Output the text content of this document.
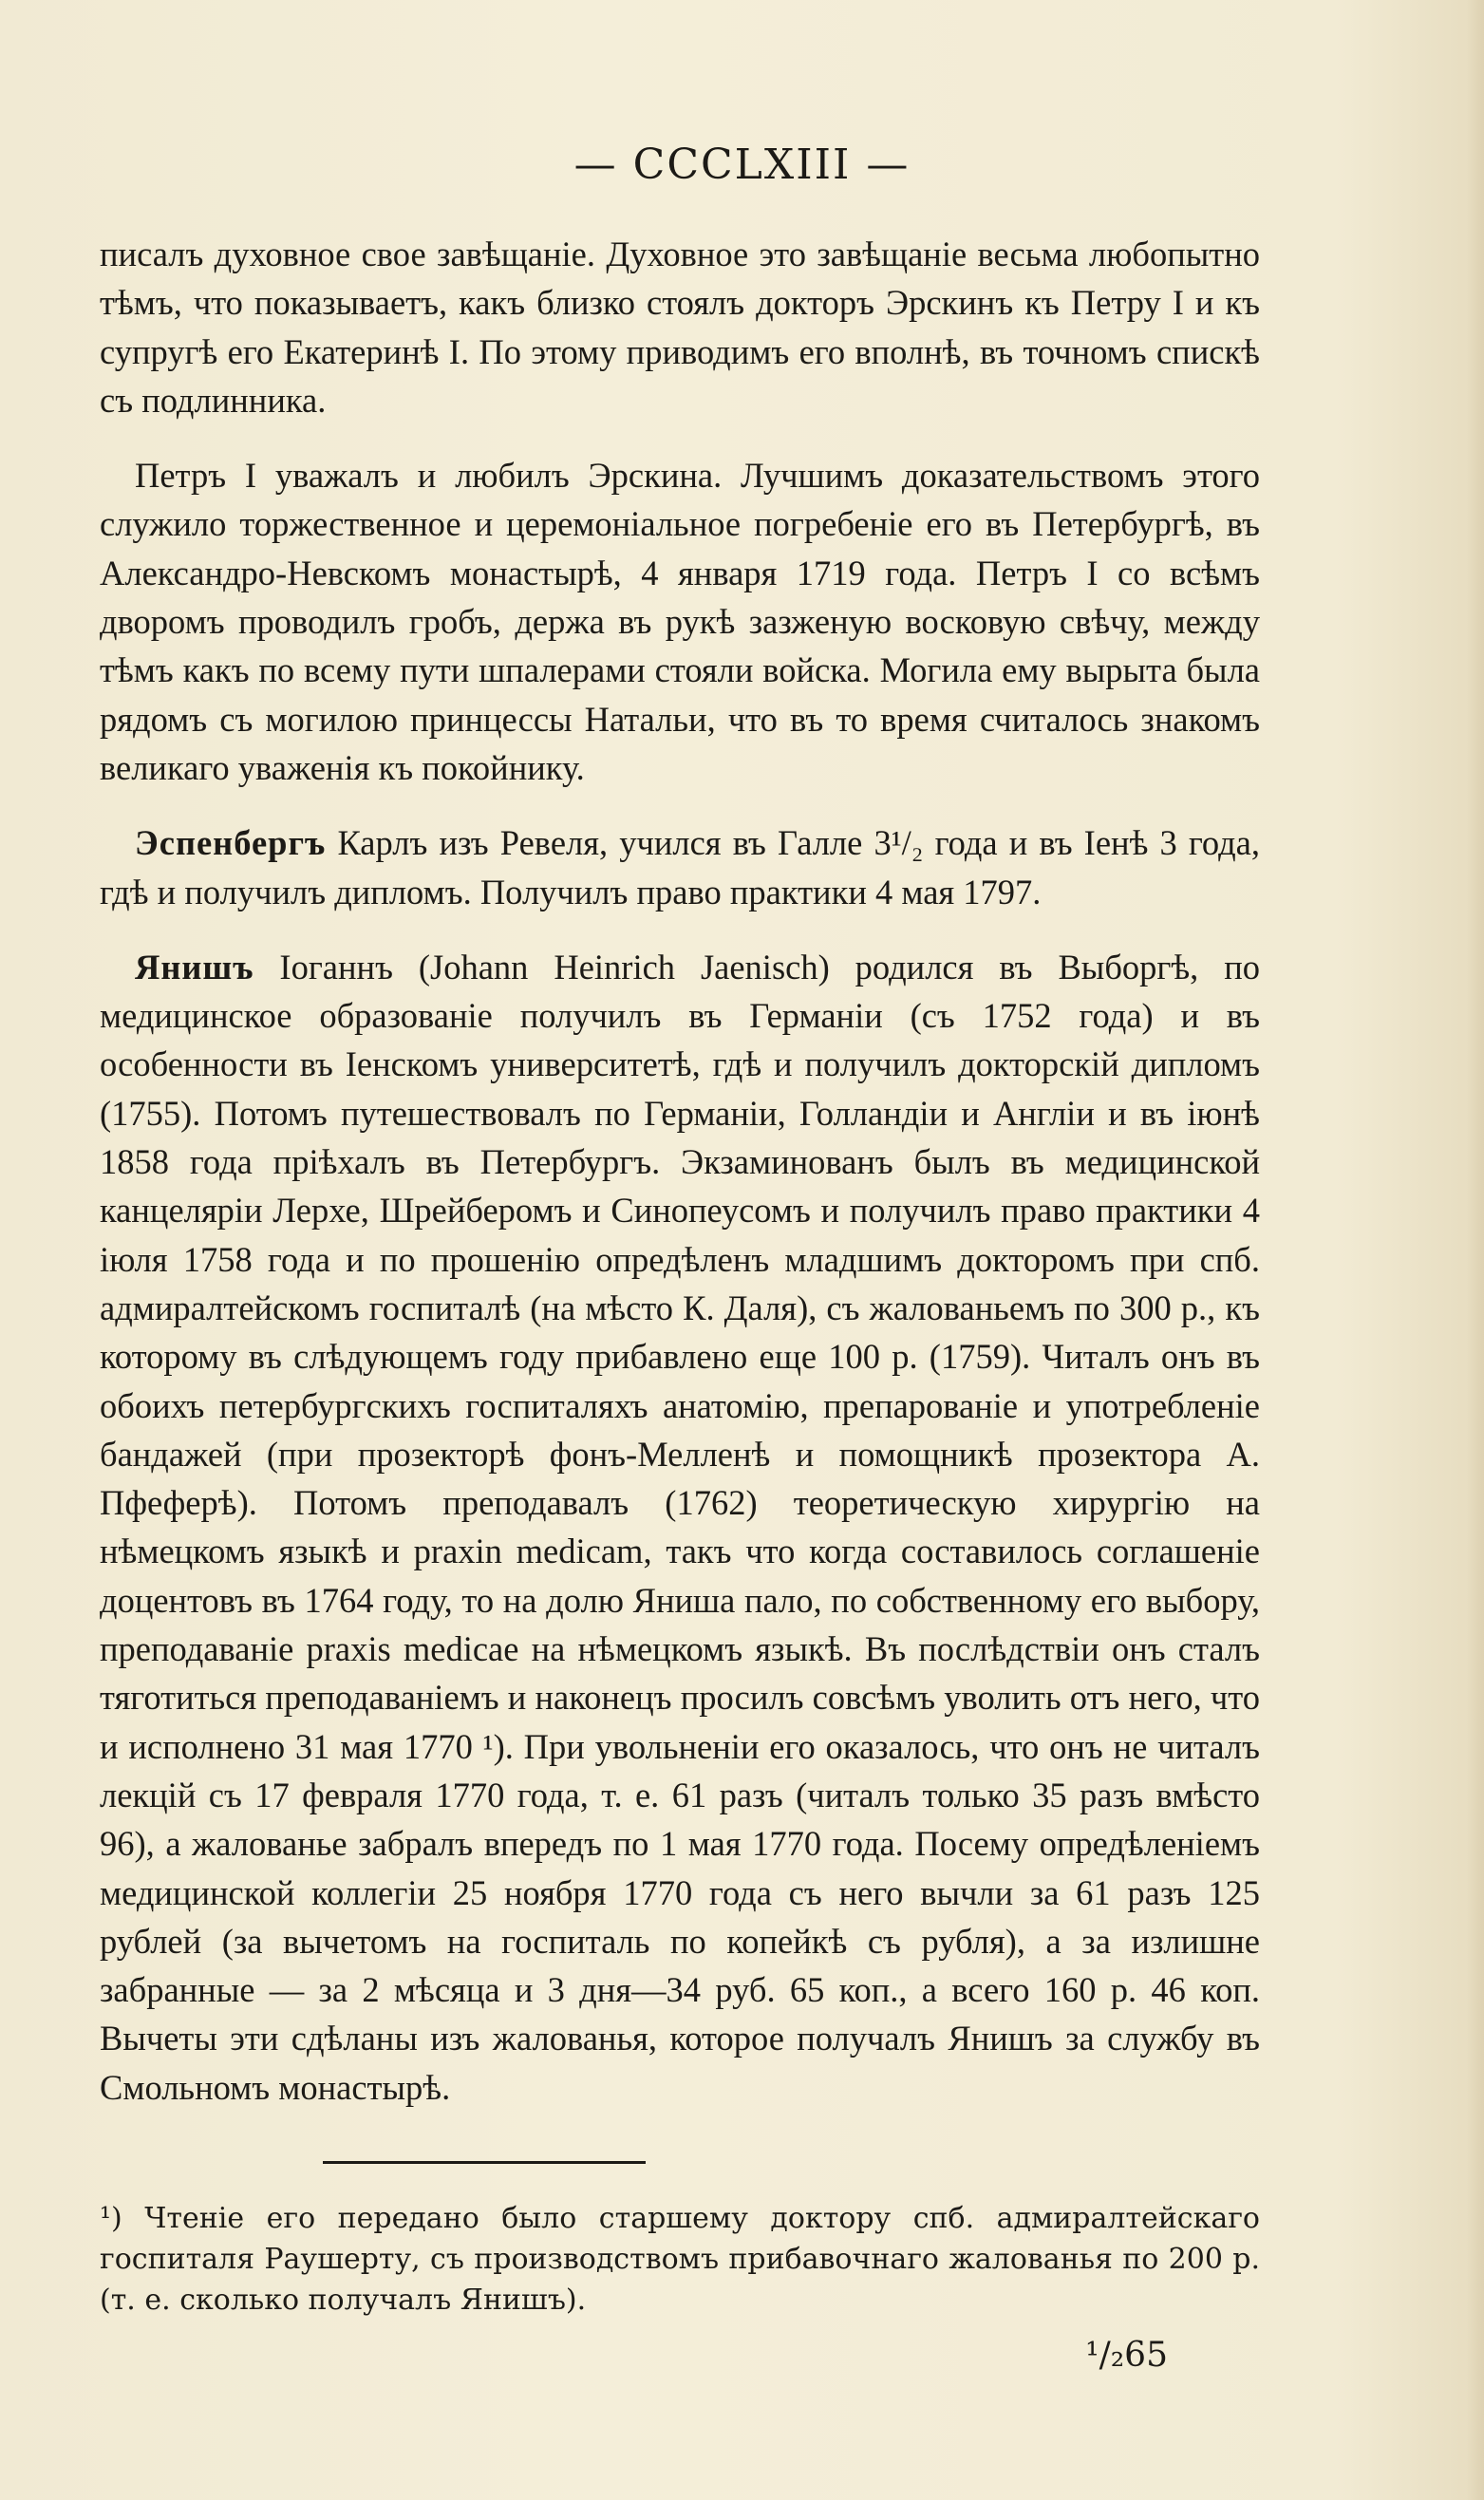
— CCCLXIII —

писалъ духовное свое завѣщаніе. Духовное это завѣщаніе весьма любопытно тѣмъ, что показываетъ, какъ близко стоялъ докторъ Эрскинъ къ Петру I и къ супругѣ его Екатеринѣ I. По этому приводимъ его вполнѣ, въ точномъ спискѣ съ подлинника.

Петръ I уважалъ и любилъ Эрскина. Лучшимъ доказательствомъ этого служило торжественное и церемоніальное погребеніе его въ Петербургѣ, въ Александро-Невскомъ монастырѣ, 4 января 1719 года. Петръ I со всѣмъ дворомъ проводилъ гробъ, держа въ рукѣ зазженую восковую свѣчу, между тѣмъ какъ по всему пути шпалерами стояли войска. Могила ему вырыта была рядомъ съ могилою принцессы Натальи, что въ то время считалось знакомъ великаго уваженія къ покойнику.

Эспенбергъ Карлъ изъ Ревеля, учился въ Галле 3¹/₂ года и въ Іенѣ 3 года, гдѣ и получилъ дипломъ. Получилъ право практики 4 мая 1797.

Янишъ Іоганнъ (Johann Heinrich Jaenisch) родился въ Выборгѣ, по медицинское образованіе получилъ въ Германіи (съ 1752 года) и въ особенности въ Іенскомъ университетѣ, гдѣ и получилъ докторскій дипломъ (1755). Потомъ путешествовалъ по Германіи, Голландіи и Англіи и въ іюнѣ 1858 года пріѣхалъ въ Петербургъ. Экзаминованъ былъ въ медицинской канцеляріи Лерхе, Шрейберомъ и Синопеусомъ и получилъ право практики 4 іюля 1758 года и по прошенію опредѣленъ младшимъ докторомъ при спб. адмиралтейскомъ госпиталѣ (на мѣсто К. Даля), съ жалованьемъ по 300 р., къ которому въ слѣдующемъ году прибавлено еще 100 р. (1759). Читалъ онъ въ обоихъ петербургскихъ госпиталяхъ анатомію, препарованіе и употребленіе бандажей (при прозекторѣ фонъ-Мелленѣ и помощникѣ прозектора А. Пфеферѣ). Потомъ преподавалъ (1762) теоретическую хирургію на нѣмецкомъ языкѣ и praxin medicam, такъ что когда составилось соглашеніе доцентовъ въ 1764 году, то на долю Яниша пало, по собственному его выбору, преподаваніе praxis medicae на нѣмецкомъ языкѣ. Въ послѣдствіи онъ сталъ тяготиться преподаваніемъ и наконецъ просилъ совсѣмъ уволить отъ него, что и исполнено 31 мая 1770 ¹). При увольненіи его оказалось, что онъ не читалъ лекцій съ 17 февраля 1770 года, т. е. 61 разъ (читалъ только 35 разъ вмѣсто 96), а жалованье забралъ впередъ по 1 мая 1770 года. Посему опредѣленіемъ медицинской коллегіи 25 ноября 1770 года съ него вычли за 61 разъ 125 рублей (за вычетомъ на госпиталь по копейкѣ съ рубля), а за излишне забранные — за 2 мѣсяца и 3 дня—34 руб. 65 коп., а всего 160 р. 46 коп. Вычеты эти сдѣланы изъ жалованья, которое получалъ Янишъ за службу въ Смольномъ монастырѣ.

¹) Чтеніе его передано было старшему доктору спб. адмиралтейскаго госпиталя Раушерту, съ производствомъ прибавочнаго жалованья по 200 р. (т. е. сколько получалъ Янишъ).

¹/₂65
